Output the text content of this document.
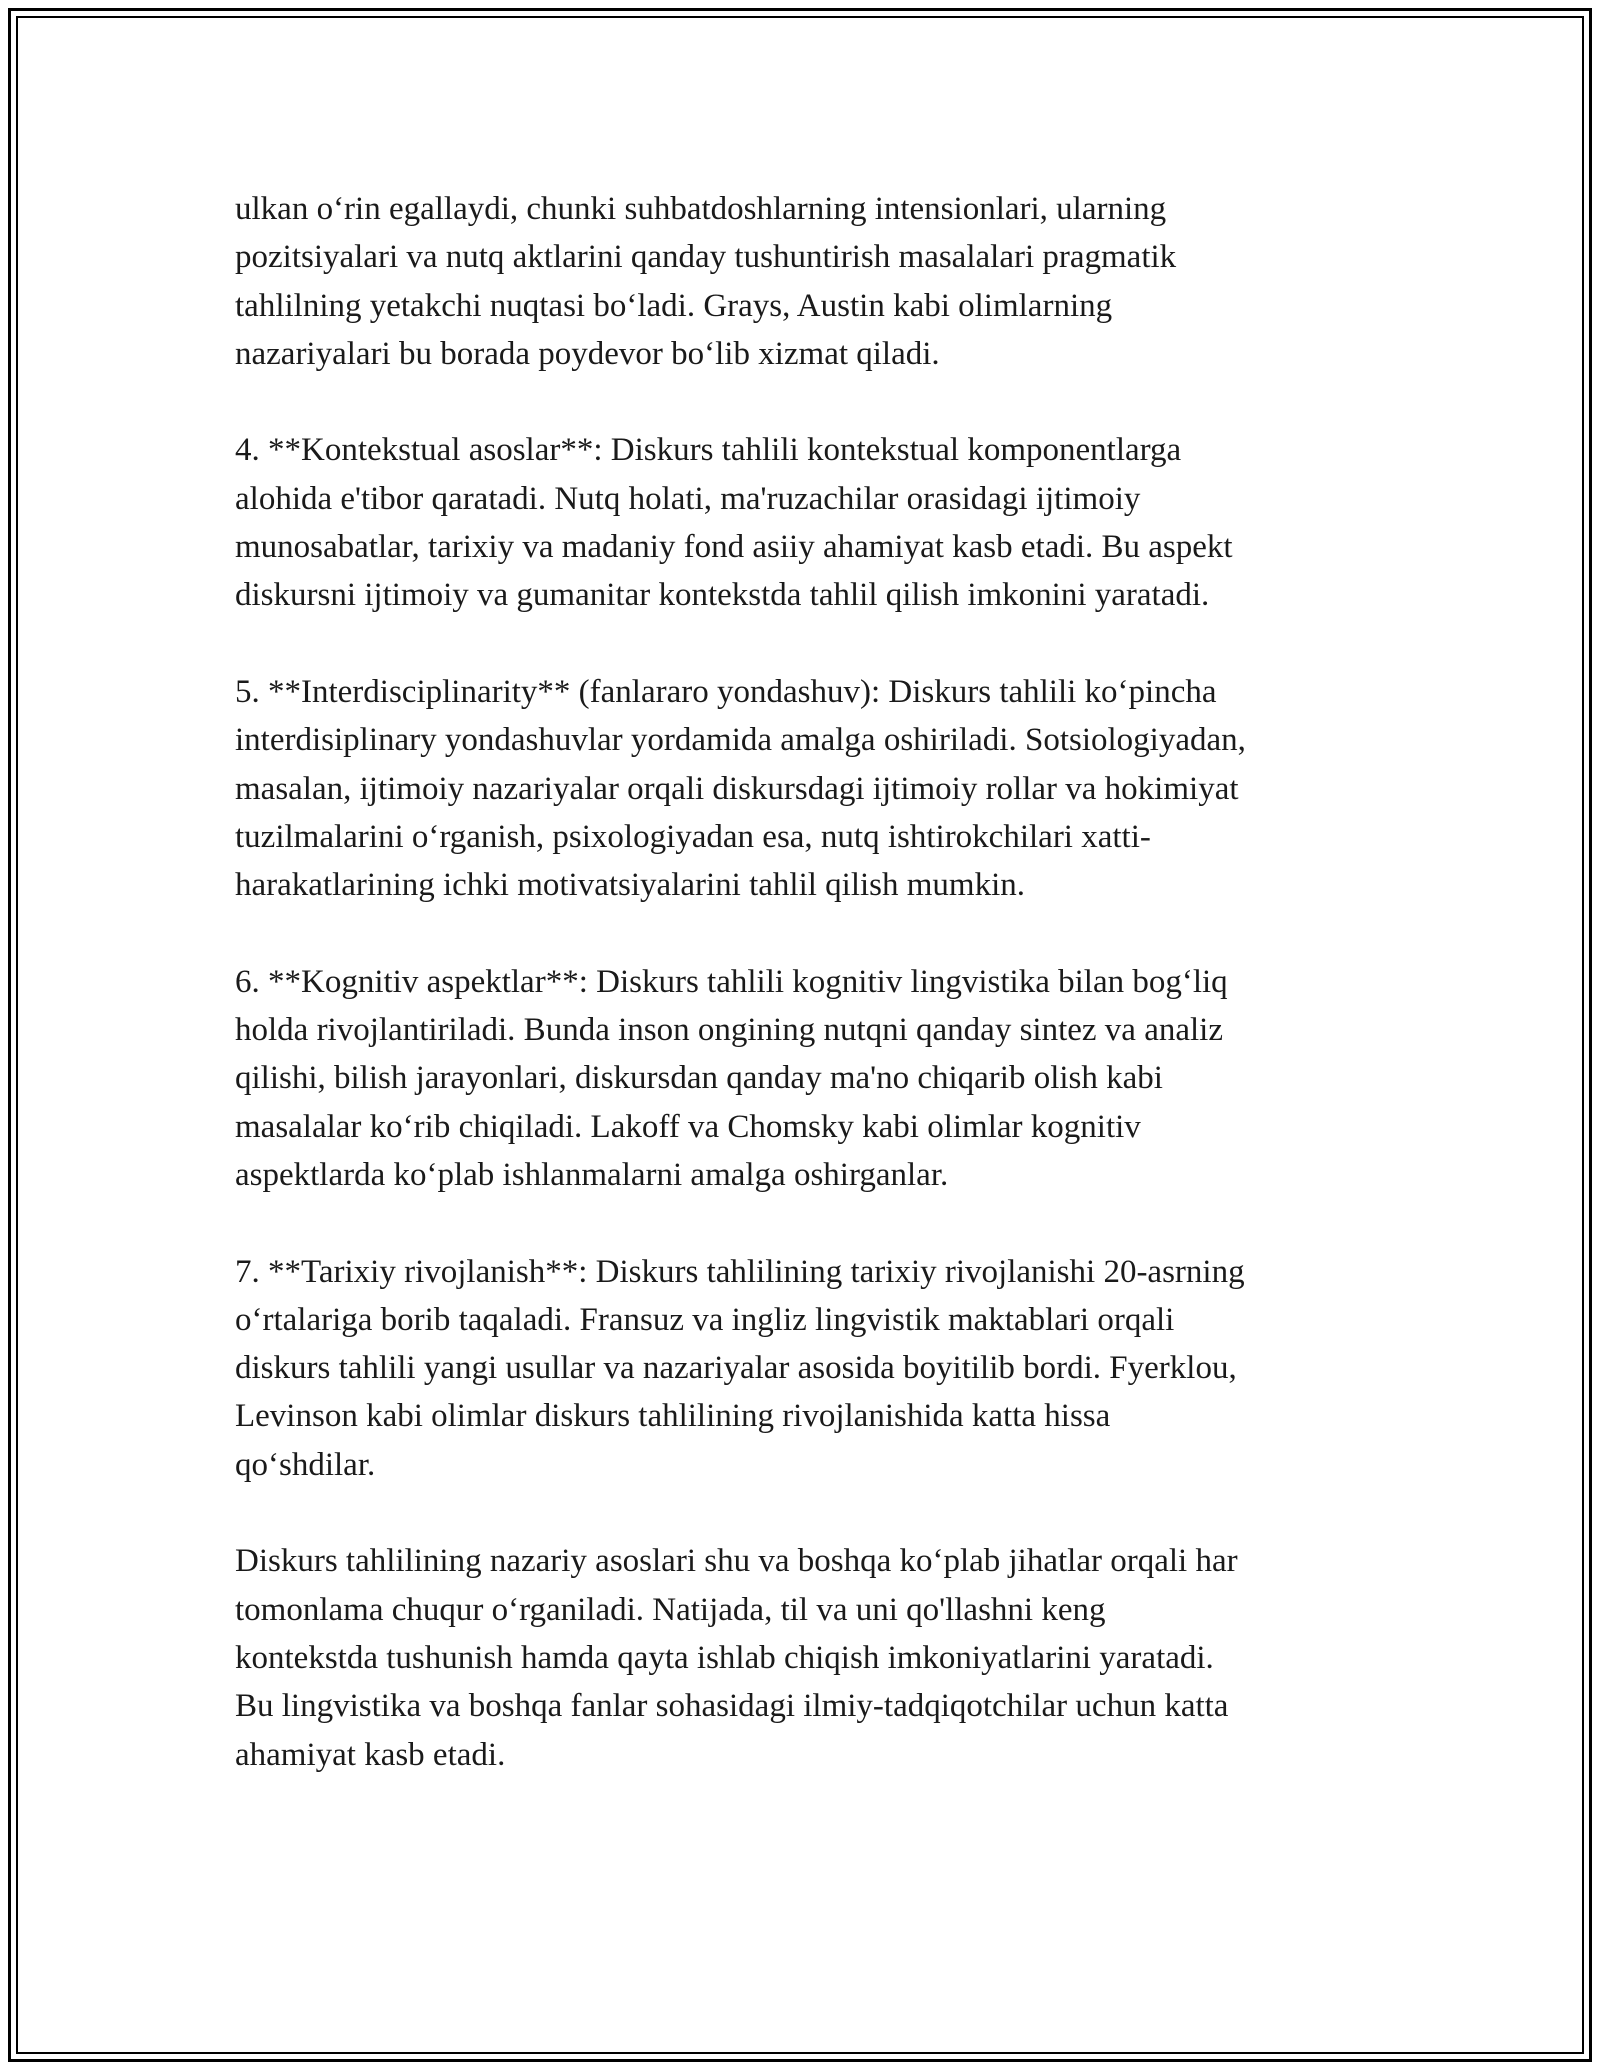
ulkan o‘rin egallaydi, chunki suhbatdoshlarning intensionlari, ularning
pozitsiyalari va nutq aktlarini qanday tushuntirish masalalari pragmatik
tahlilning yetakchi nuqtasi bo‘ladi. Grays, Austin kabi olimlarning
nazariyalari bu borada poydevor bo‘lib xizmat qiladi.
4. **Kontekstual asoslar**: Diskurs tahlili kontekstual komponentlarga
alohida e'tibor qaratadi. Nutq holati, ma'ruzachilar orasidagi ijtimoiy
munosabatlar, tarixiy va madaniy fond asiiy ahamiyat kasb etadi. Bu aspekt
diskursni ijtimoiy va gumanitar kontekstda tahlil qilish imkonini yaratadi.
5. **Interdisciplinarity** (fanlararo yondashuv): Diskurs tahlili ko‘pincha
interdisiplinary yondashuvlar yordamida amalga oshiriladi. Sotsiologiyadan,
masalan, ijtimoiy nazariyalar orqali diskursdagi ijtimoiy rollar va hokimiyat
tuzilmalarini o‘rganish, psixologiyadan esa, nutq ishtirokchilari xatti-
harakatlarining ichki motivatsiyalarini tahlil qilish mumkin.
6. **Kognitiv aspektlar**: Diskurs tahlili kognitiv lingvistika bilan bog‘liq
holda rivojlantiriladi. Bunda inson ongining nutqni qanday sintez va analiz
qilishi, bilish jarayonlari, diskursdan qanday ma'no chiqarib olish kabi
masalalar ko‘rib chiqiladi. Lakoff va Chomsky kabi olimlar kognitiv
aspektlarda ko‘plab ishlanmalarni amalga oshirganlar.
7. **Tarixiy rivojlanish**: Diskurs tahlilining tarixiy rivojlanishi 20-asrning
o‘rtalariga borib taqaladi. Fransuz va ingliz lingvistik maktablari orqali
diskurs tahlili yangi usullar va nazariyalar asosida boyitilib bordi. Fyerklou,
Levinson kabi olimlar diskurs tahlilining rivojlanishida katta hissa
qo‘shdilar.
Diskurs tahlilining nazariy asoslari shu va boshqa ko‘plab jihatlar orqali har
tomonlama chuqur o‘rganiladi. Natijada, til va uni qo'llashni keng
kontekstda tushunish hamda qayta ishlab chiqish imkoniyatlarini yaratadi.
Bu lingvistika va boshqa fanlar sohasidagi ilmiy-tadqiqotchilar uchun katta
ahamiyat kasb etadi.
